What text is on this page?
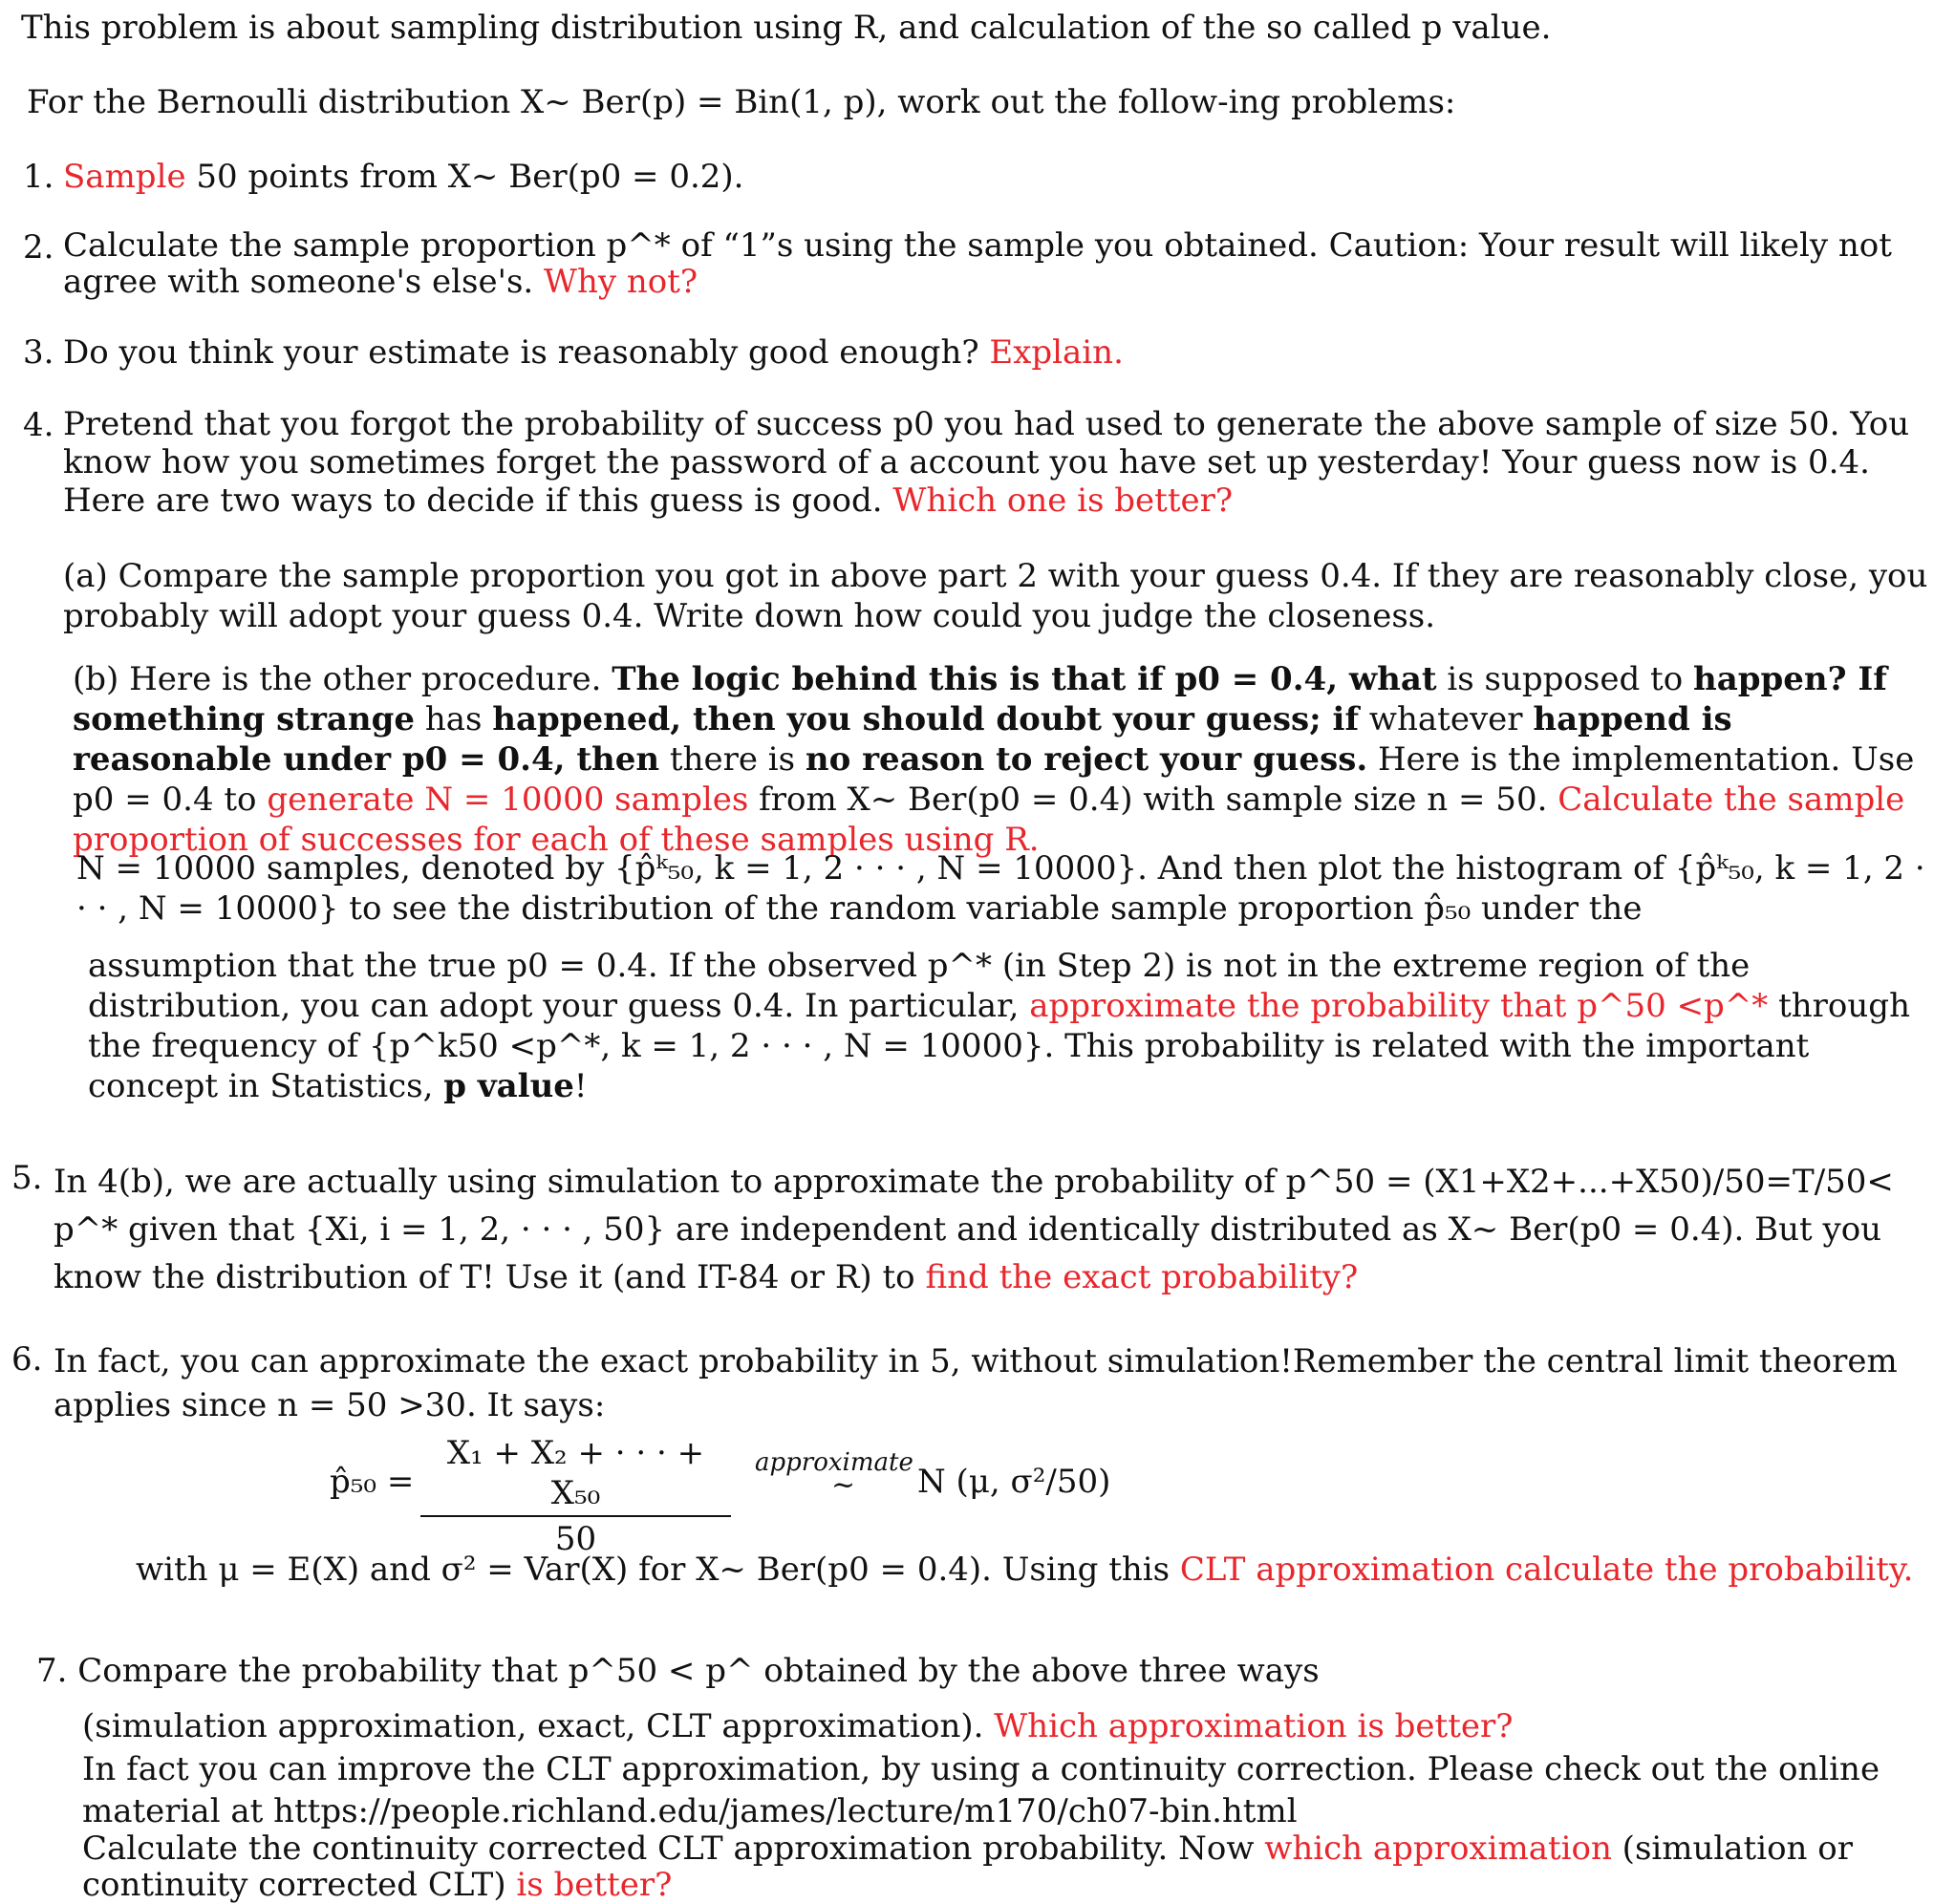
This problem is about sampling distribution using R, and calculation of the so called p value.

For the Bernoulli distribution X~ Ber(p) = Bin(1, p), work out the follow-ing problems:

1. Sample 50 points from X~ Ber(p0 = 0.2).

2. Calculate the sample proportion p^* of “1”s using the sample you obtained. Caution: Your result will likely not agree with someone's else's. Why not?

3. Do you think your estimate is reasonably good enough? Explain.

4. Pretend that you forgot the probability of success p0 you had used to generate the above sample of size 50. You know how you sometimes forget the password of a account you have set up yesterday! Your guess now is 0.4. Here are two ways to decide if this guess is good. Which one is better?

(a) Compare the sample proportion you got in above part 2 with your guess 0.4. If they are reasonably close, you probably will adopt your guess 0.4. Write down how could you judge the closeness.

(b) Here is the other procedure. The logic behind this is that if p0 = 0.4, what is supposed to happen? If something strange has happened, then you should doubt your guess; if whatever happend is reasonable under p0 = 0.4, then there is no reason to reject your guess. Here is the implementation. Use p0 = 0.4 to generate N = 10000 samples from X~ Ber(p0 = 0.4) with sample size n = 50. Calculate the sample proportion of successes for each of these samples using R.

N = 10000 samples, denoted by {p̂ᵏ₅₀, k = 1, 2 · · · , N = 10000}. And then plot the histogram of {p̂ᵏ₅₀, k = 1, 2 · · · , N = 10000} to see the distribution of the random variable sample proportion p̂₅₀ under the

assumption that the true p0 = 0.4. If the observed p^* (in Step 2) is not in the extreme region of the distribution, you can adopt your guess 0.4. In particular, approximate the probability that p^50 <p^* through the frequency of {p^k50 <p^*, k = 1, 2 · · · , N = 10000}. This probability is related with the important concept in Statistics, p value!

5. In 4(b), we are actually using simulation to approximate the probability of p^50 = (X1+X2+...+X50)/50=T/50< p^* given that {Xi, i = 1, 2, · · · , 50} are independent and identically distributed as X~ Ber(p0 = 0.4). But you know the distribution of T! Use it (and IT-84 or R) to find the exact probability?

6. In fact, you can approximate the exact probability in 5, without simulation!Remember the central limit theorem applies since n = 50 >30. It says:

p̂₅₀ = $\frac{\text{X₁ + X₂ + · · · + X₅₀}}{50}$ approximate
~ N (μ, σ²/50)

with μ = E(X) and σ² = Var(X) for X~ Ber(p0 = 0.4). Using this CLT approximation calculate the probability.

7. Compare the probability that p^50 < p^ obtained by the above three ways

(simulation approximation, exact, CLT approximation). Which approximation is better?

In fact you can improve the CLT approximation, by using a continuity correction. Please check out the online material at https://people.richland.edu/james/lecture/m170/ch07-bin.html

Calculate the continuity corrected CLT approximation probability. Now which approximation (simulation or continuity corrected CLT) is better?
